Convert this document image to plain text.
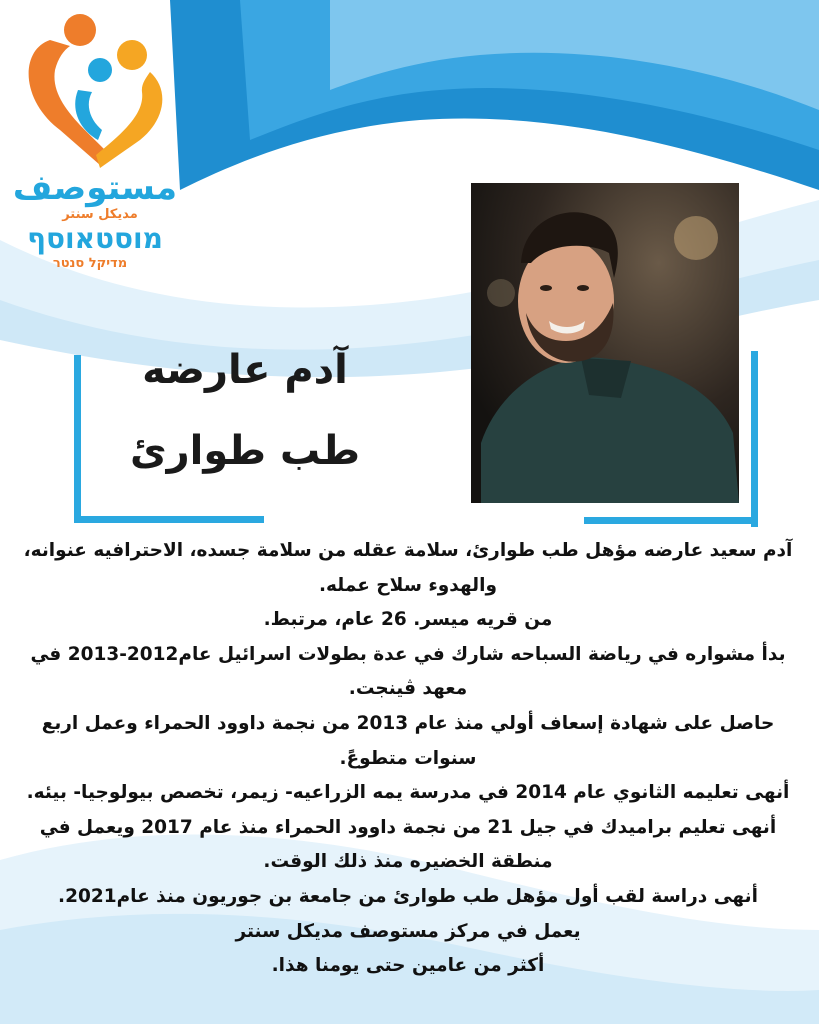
مستوصف
مديكل سنتر
מוסטאוסף
מדיקל סנטר
آدم عارضه
طب طوارئ

آدم سعيد عارضه مؤهل طب طوارئ، سلامة عقله من سلامة جسده، الاحترافيه عنوانه، والهدوء سلاح عمله.

من قريه ميسر. 26 عام، مرتبط.

بدأ مشواره في رياضة السباحه شارك في عدة بطولات اسرائيل عام2012-2013 في معهد ڤينجت.

حاصل على شهادة إسعاف أولي منذ عام 2013 من نجمة داوود الحمراء وعمل اربع سنوات متطوعً.

أنهى تعليمه الثانوي عام 2014 في مدرسة يمه الزراعيه- زيمر، تخصص بيولوجيا- بيئه.

أنهى تعليم براميدك في جيل 21 من نجمة داوود الحمراء منذ عام 2017 ويعمل في منطقة الخضيره منذ ذلك الوقت.

أنهى دراسة لقب أول مؤهل طب طوارئ من جامعة بن جوريون منذ عام2021.

يعمل في مركز مستوصف مديكل سنتر

أكثر من عامين حتى يومنا هذا.
